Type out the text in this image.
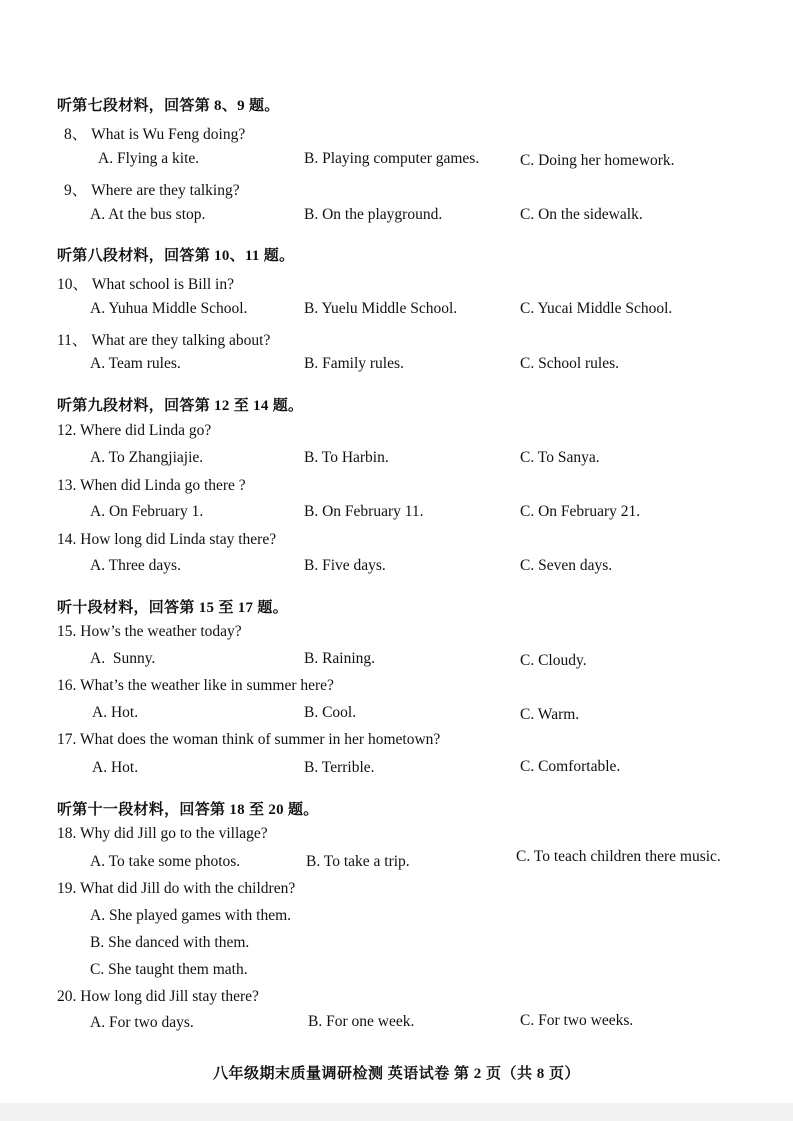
听第七段材料，回答第 8、9 题。
8、 What is Wu Feng doing?
A. Flying a kite.	B. Playing computer games.	C. Doing her homework.
9、 Where are they talking?
A. At the bus stop.	B. On the playground.	C. On the sidewalk.
听第八段材料，回答第 10、11 题。
10、 What school is Bill in?
A. Yuhua Middle School.	B. Yuelu Middle School.	C. Yucai Middle School.
11、 What are they talking about?
A. Team rules.	B. Family rules.	C. School rules.
听第九段材料，回答第 12 至 14 题。
12. Where did Linda go?
A. To Zhangjiajie.	B. To Harbin.	C. To Sanya.
13. When did Linda go there ?
A. On February 1.	B. On February 11.	C. On February 21.
14. How long did Linda stay there?
A. Three days.	B. Five days.	C. Seven days.
听十段材料，回答第 15 至 17 题。
15. How’s the weather today?
A.  Sunny.	B. Raining.	C. Cloudy.
16. What’s the weather like in summer here?
A. Hot.	B. Cool.	C. Warm.
17. What does the woman think of summer in her hometown?
A. Hot.	B. Terrible.	C. Comfortable.
听第十一段材料，回答第 18 至 20 题。
18. Why did Jill go to the village?
A. To take some photos.	B. To take a trip.	C. To teach children there music.
19. What did Jill do with the children?
A. She played games with them.
B. She danced with them.
C. She taught them math.
20. How long did Jill stay there?
A. For two days.	B. For one week.	C. For two weeks.
八年级期末质量调研检测 英语试卷 第 2 页（共 8 页）
